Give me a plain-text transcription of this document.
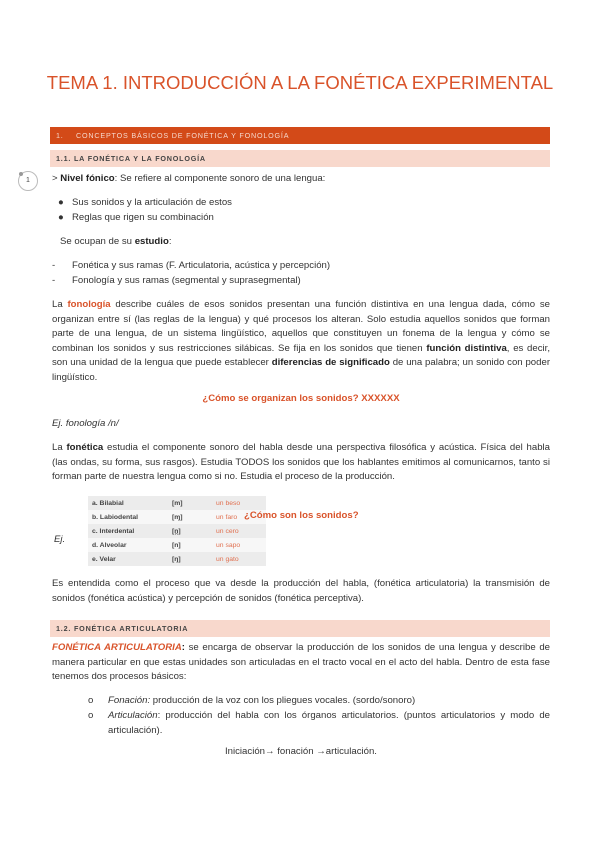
TEMA 1. INTRODUCCIÓN A LA FONÉTICA EXPERIMENTAL
1. CONCEPTOS BÁSICOS DE FONÉTICA Y FONOLOGÍA
1.1. LA FONÉTICA Y LA FONOLOGÍA
1	> Nivel fónico: Se refiere al componente sonoro de una lengua:
● Sus sonidos y la articulación de estos
● Reglas que rigen su combinación
Se ocupan de su estudio:
- Fonética y sus ramas (F. Articulatoria, acústica y percepción)
- Fonología y sus ramas (segmental y suprasegmental)
La fonología describe cuáles de esos sonidos presentan una función distintiva en una lengua dada, cómo se organizan entre sí (las reglas de la lengua) y qué procesos los alteran. Solo estudia aquellos sonidos que forman parte de una lengua, de un sistema lingüístico, aquellos que constituyen un fonema de la lengua y cómo se combinan los sonidos y sus restricciones silábicas. Se fija en los sonidos que tienen función distintiva, es decir, son una unidad de la lengua que puede establecer diferencias de significado de una palabra; un sonido con poder lingüístico.
¿Cómo se organizan los sonidos? XXXXXX
Ej. fonología /n/
La fonética estudia el componente sonoro del habla desde una perspectiva filosófica y acústica. Física del habla (las ondas, su forma, sus rasgos). Estudia TODOS los sonidos que los hablantes emitimos al comunicarnos, tanto si forman parte de nuestra lengua como si no. Estudia el proceso de la producción.
Ej.
a. Bilabial	[m]	un beso
b. Labiodental	[ɱ]	un faro
c. Interdental	[n̪]	un cero
d. Alveolar	[n]	un sapo
e. Velar	[ŋ]	un gato
¿Cómo son los sonidos?
Es entendida como el proceso que va desde la producción del habla, (fonética articulatoria) la transmisión de sonidos (fonética acústica) y percepción de sonidos (fonética perceptiva).
1.2. FONÉTICA ARTICULATORIA
FONÉTICA ARTICULATORIA: se encarga de observar la producción de los sonidos de una lengua y describe de manera particular en que estas unidades son articuladas en el tracto vocal en el acto del habla. Dentro de esta fase tenemos dos procesos básicos:
o	Fonación: producción de la voz con los pliegues vocales. (sordo/sonoro)
o	Articulación: producción del habla con los órganos articulatorios. (puntos articulatorios y modo de articulación).
Iniciación→ fonación →articulación.
